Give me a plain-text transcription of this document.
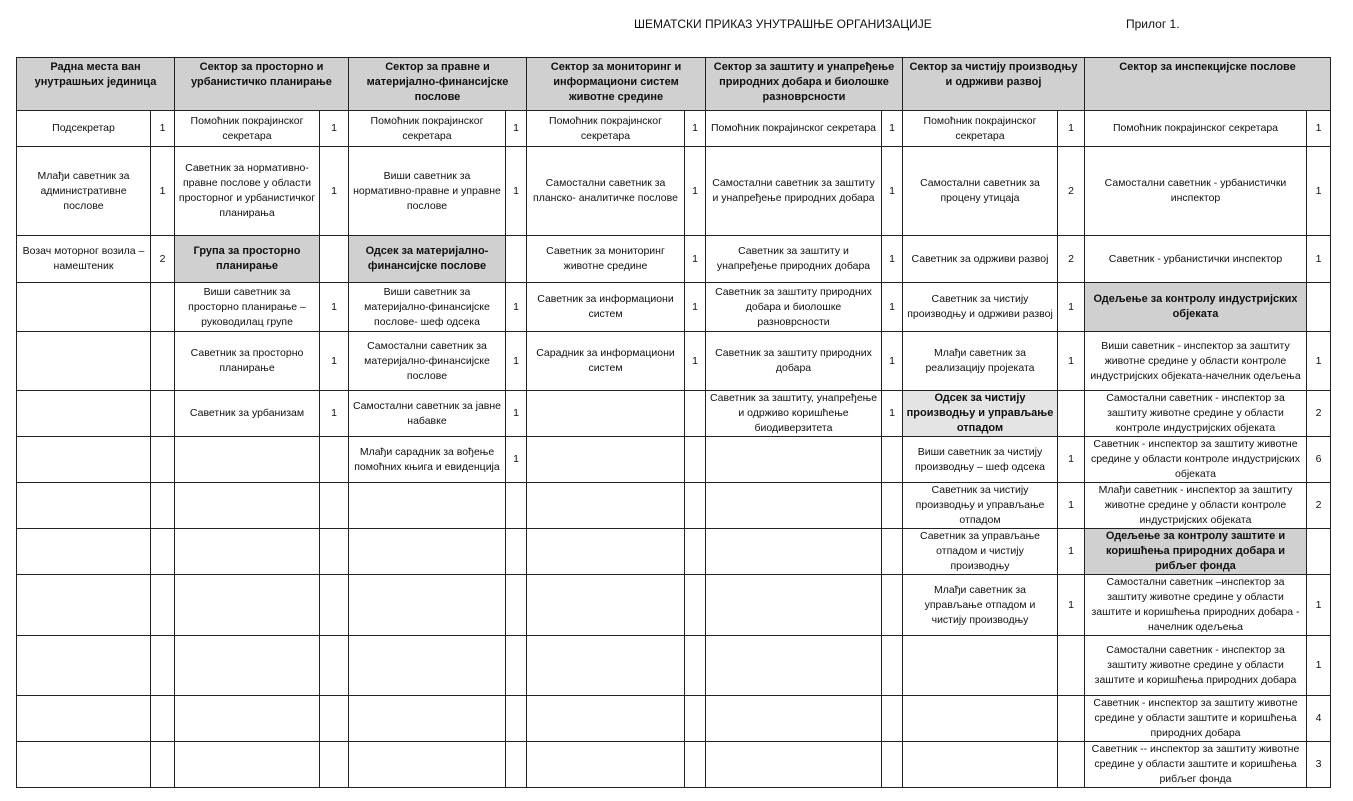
ШЕМАТСКИ ПРИКАЗ УНУТРАШЊЕ ОРГАНИЗАЦИЈЕ	Прилог 1.
Радна места ван унутрашњих јединица		Сектор за просторно и урбанистичко планирање		Сектор за правне и материјално-финансијске послове		Сектор за мониторинг и информациони систем животне средине		Сектор за заштиту и унапређење природних добара и биолошке разноврсности		Сектор за чистију производњу и одрживи развој		Сектор за инспекцијске послове	
Подсекретар	1	Помоћник покрајинског секретара	1	Помоћник покрајинског секретара	1	Помоћник покрајинског секретара	1	Помоћник покрајинског секретара	1	Помоћник покрајинског секретара	1	Помоћник покрајинског секретара	1
Млађи саветник за административне послове	1	Саветник за нормативно- правне послове у области просторног и урбанистичког планирања	1	Виши саветник за нормативно-правне и управне послове	1	Самостални саветник за планско- аналитичке послове	1	Самостални саветник за заштиту и унапређење природних добара	1	Самостални саветник за процену утицаја	2	Самостални саветник - урбанистички инспектор	1
Возач моторног возила – намештеник	2	Група за просторно планирање		Одсек за материјално-финансијске послове		Саветник за мониторинг животне средине	1	Саветник за заштиту и унапређење природних добара	1	Саветник за одрживи развој	2	Саветник - урбанистички инспектор	1
		Виши саветник за просторно планирање – руководилац групе	1	Виши саветник за материјално-финансијске послове- шеф одсека	1	Саветник за информациони систем	1	Саветник за заштиту природних добара и биолошке разноврсности	1	Саветник за чистију производњу и одрживи развој	1	Одељење за контролу индустријских објеката	
		Саветник за просторно планирање	1	Самостални саветник за материјално-финансијске послове	1	Сарадник за информациони систем	1	Саветник за заштиту природних добара	1	Млађи саветник за реализацију пројеката	1	Виши саветник - инспектор за заштиту животне средине у области контроле индустријских објеката-начелник одељења	1
		Саветник за урбанизам	1	Самостални саветник за јавне набавке	1			Саветник за заштиту, унапређење и одрживо коришћење биодиверзитета	1	Одсек за чистију производњу и управљање отпадом		Самостални саветник - инспектор за заштиту животне средине у области контроле индустријских објеката	2
				Млађи сарадник за вођење помоћних књига и евиденција	1					Виши саветник за чистију производњу – шеф одсека	1	Саветник - инспектор за заштиту животне средине у области контроле индустријских објеката	6
										Саветник за чистију производњу и управљање отпадом	1	Млађи саветник - инспектор за заштиту животне средине у области контроле индустријских објеката	2
										Саветник за управљање отпадом и чистију производњу	1	Одељење за контролу заштите и коришћења природних добара и рибљег фонда	
										Млађи саветник за управљање отпадом и чистију производњу	1	Самостални саветник –инспектор за заштиту животне средине у области заштите и коришћења природних добара - начелник одељења	1
												Самостални саветник - инспектор за заштиту животне средине у области заштите и коришћења природних добара	1
												Саветник - инспектор за заштиту животне средине у области заштите и коришћења природних добара	4
												Саветник -- инспектор за заштиту животне средине у области заштите и коришћења рибљег фонда	3
